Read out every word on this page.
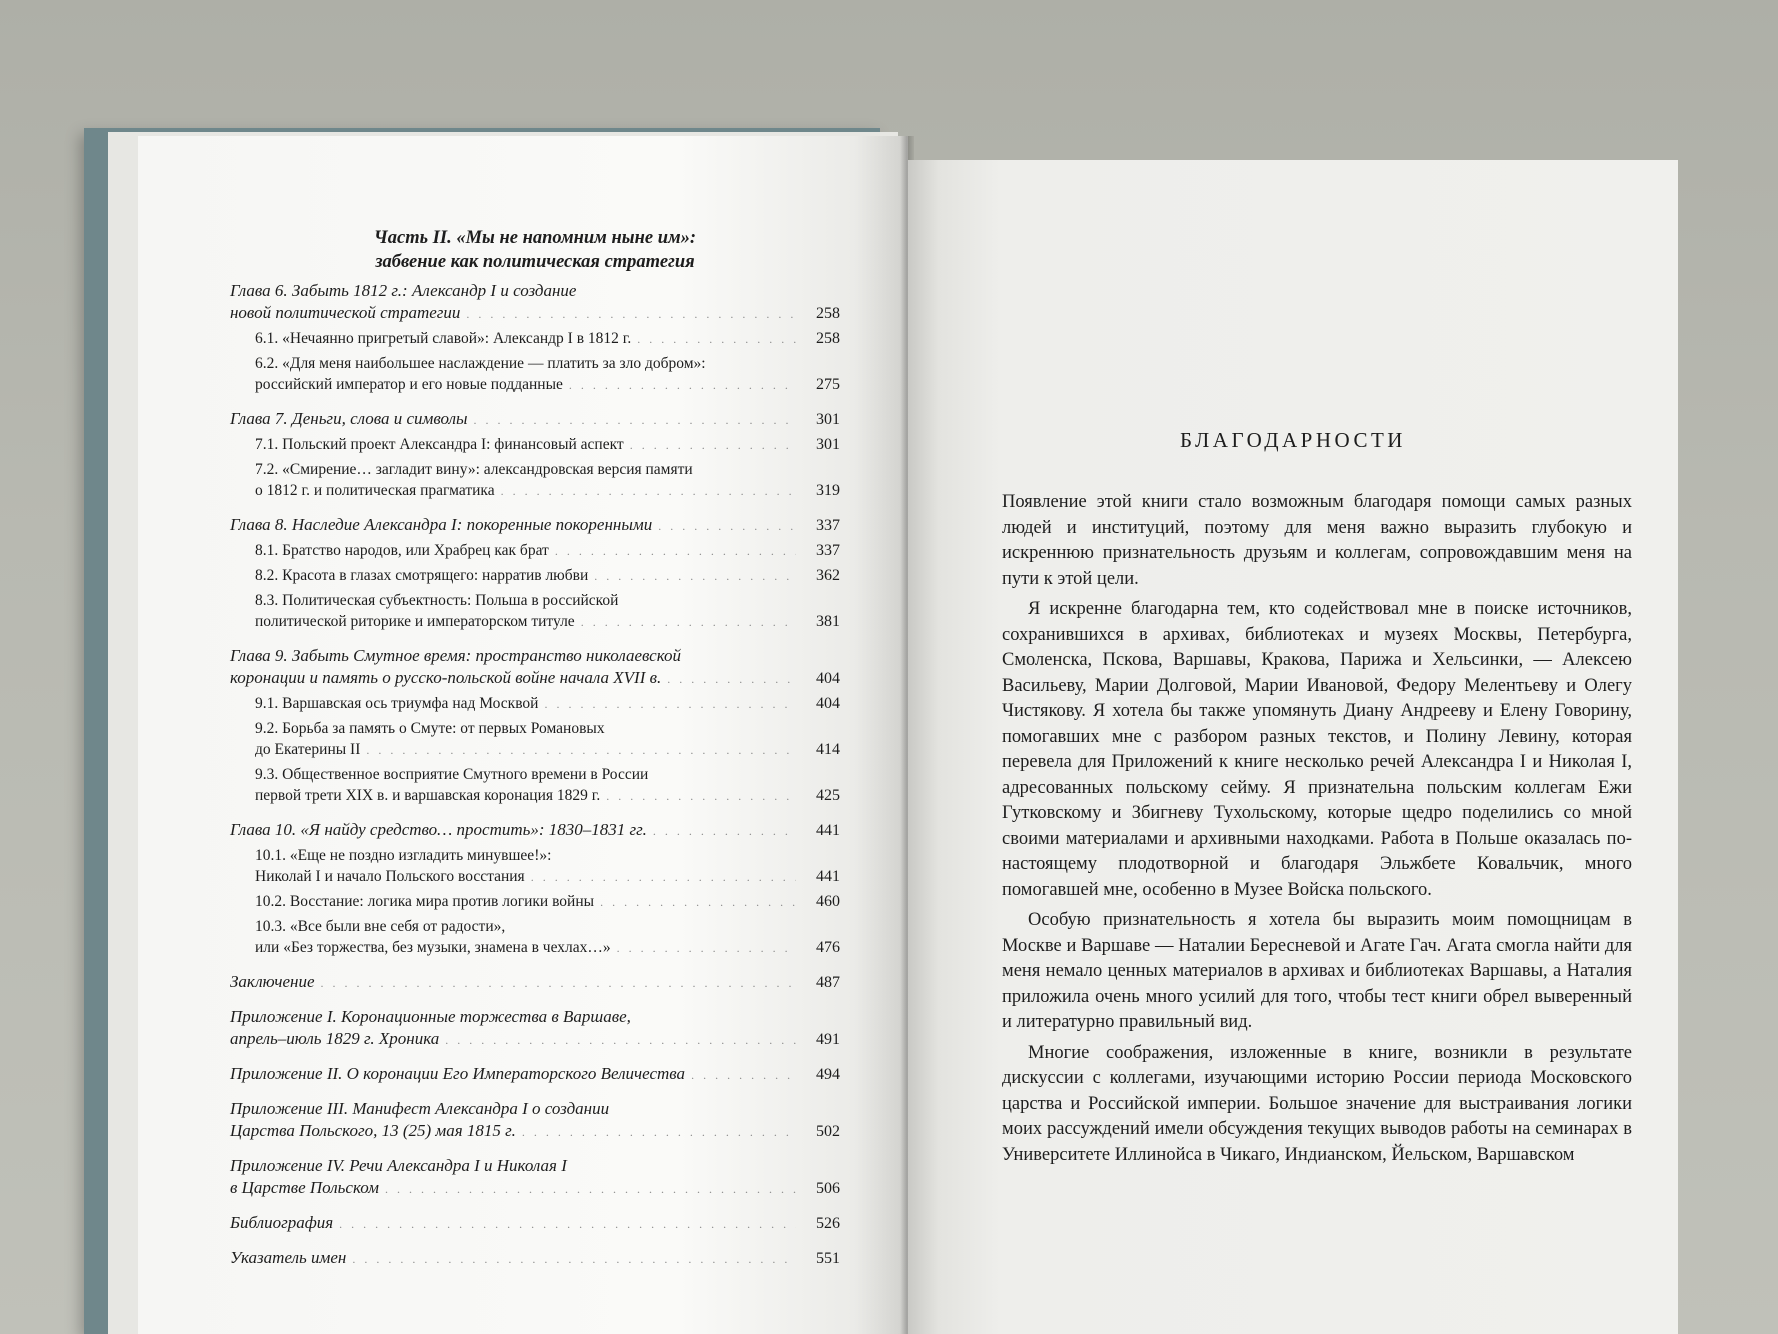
Часть II. «Мы не напомним ныне им»:
забвение как политическая стратегия
Глава 6. Забыть 1812 г.: Александр I и создание
новой политической стратегии . . .	258
6.1. «Нечаянно пригретый славой»: Александр I в 1812 г. . . .	258
6.2. «Для меня наибольшее наслаждение — платить за зло добром»:
российский император и его новые подданные . . .	275
Глава 7. Деньги, слова и символы . . .	301
7.1. Польский проект Александра I: финансовый аспект . . .	301
7.2. «Смирение… загладит вину»: александровская версия памяти
о 1812 г. и политическая прагматика . . .	319
Глава 8. Наследие Александра I: покоренные покоренными . . .	337
8.1. Братство народов, или Храбрец как брат . . .	337
8.2. Красота в глазах смотрящего: нарратив любви . . .	362
8.3. Политическая субъектность: Польша в российской
политической риторике и императорском титуле . . .	381
Глава 9. Забыть Смутное время: пространство николаевской
коронации и память о русско-польской войне начала XVII в. . . .	404
9.1. Варшавская ось триумфа над Москвой . . .	404
9.2. Борьба за память о Смуте: от первых Романовых
до Екатерины II . . .	414
9.3. Общественное восприятие Смутного времени в России
первой трети XIX в. и варшавская коронация 1829 г. . . .	425
Глава 10. «Я найду средство… простить»: 1830–1831 гг. . . .	441
10.1. «Еще не поздно изгладить минувшее!»:
Николай I и начало Польского восстания . . .	441
10.2. Восстание: логика мира против логики войны . . .	460
10.3. «Все были вне себя от радости»,
или «Без торжества, без музыки, знамена в чехлах…» . . .	476
Заключение . . .	487
Приложение I. Коронационные торжества в Варшаве,
апрель–июль 1829 г. Хроника . . .	491
Приложение II. О коронации Его Императорского Величества . . .	494
Приложение III. Манифест Александра I о создании
Царства Польского, 13 (25) мая 1815 г. . . .	502
Приложение IV. Речи Александра I и Николая I
в Царстве Польском . . .	506
Библиография . . .	526
Указатель имен . . .	551
БЛАГОДАРНОСТИ

Появление этой книги стало возможным благодаря помощи самых разных людей и институций, поэтому для меня важно выразить глубокую и искреннюю признательность друзьям и коллегам, сопровождавшим меня на пути к этой цели.

Я искренне благодарна тем, кто содействовал мне в поиске источников, сохранившихся в архивах, библиотеках и музеях Москвы, Петербурга, Смоленска, Пскова, Варшавы, Кракова, Парижа и Хельсинки, — Алексею Васильеву, Марии Долговой, Марии Ивановой, Федору Мелентьеву и Олегу Чистякову. Я хотела бы также упомянуть Диану Андрееву и Елену Говорину, помогавших мне с разбором разных текстов, и Полину Левину, которая перевела для Приложений к книге несколько речей Александра I и Николая I, адресованных польскому сейму. Я признательна польским коллегам Ежи Гутковскому и Збигневу Тухольскому, которые щедро поделились со мной своими материалами и архивными находками. Работа в Польше оказалась по-настоящему плодотворной и благодаря Эльжбете Ковальчик, много помогавшей мне, особенно в Музее Войска польского.

Особую признательность я хотела бы выразить моим помощницам в Москве и Варшаве — Наталии Бересневой и Агате Гач. Агата смогла найти для меня немало ценных материалов в архивах и библиотеках Варшавы, а Наталия приложила очень много усилий для того, чтобы тест книги обрел выверенный и литературно правильный вид.

Многие соображения, изложенные в книге, возникли в результате дискуссии с коллегами, изучающими историю России периода Московского царства и Российской империи. Большое значение для выстраивания логики моих рассуждений имели обсуждения текущих выводов работы на семинарах в Университете Иллинойса в Чикаго, Индианском, Йельском, Варшавском
